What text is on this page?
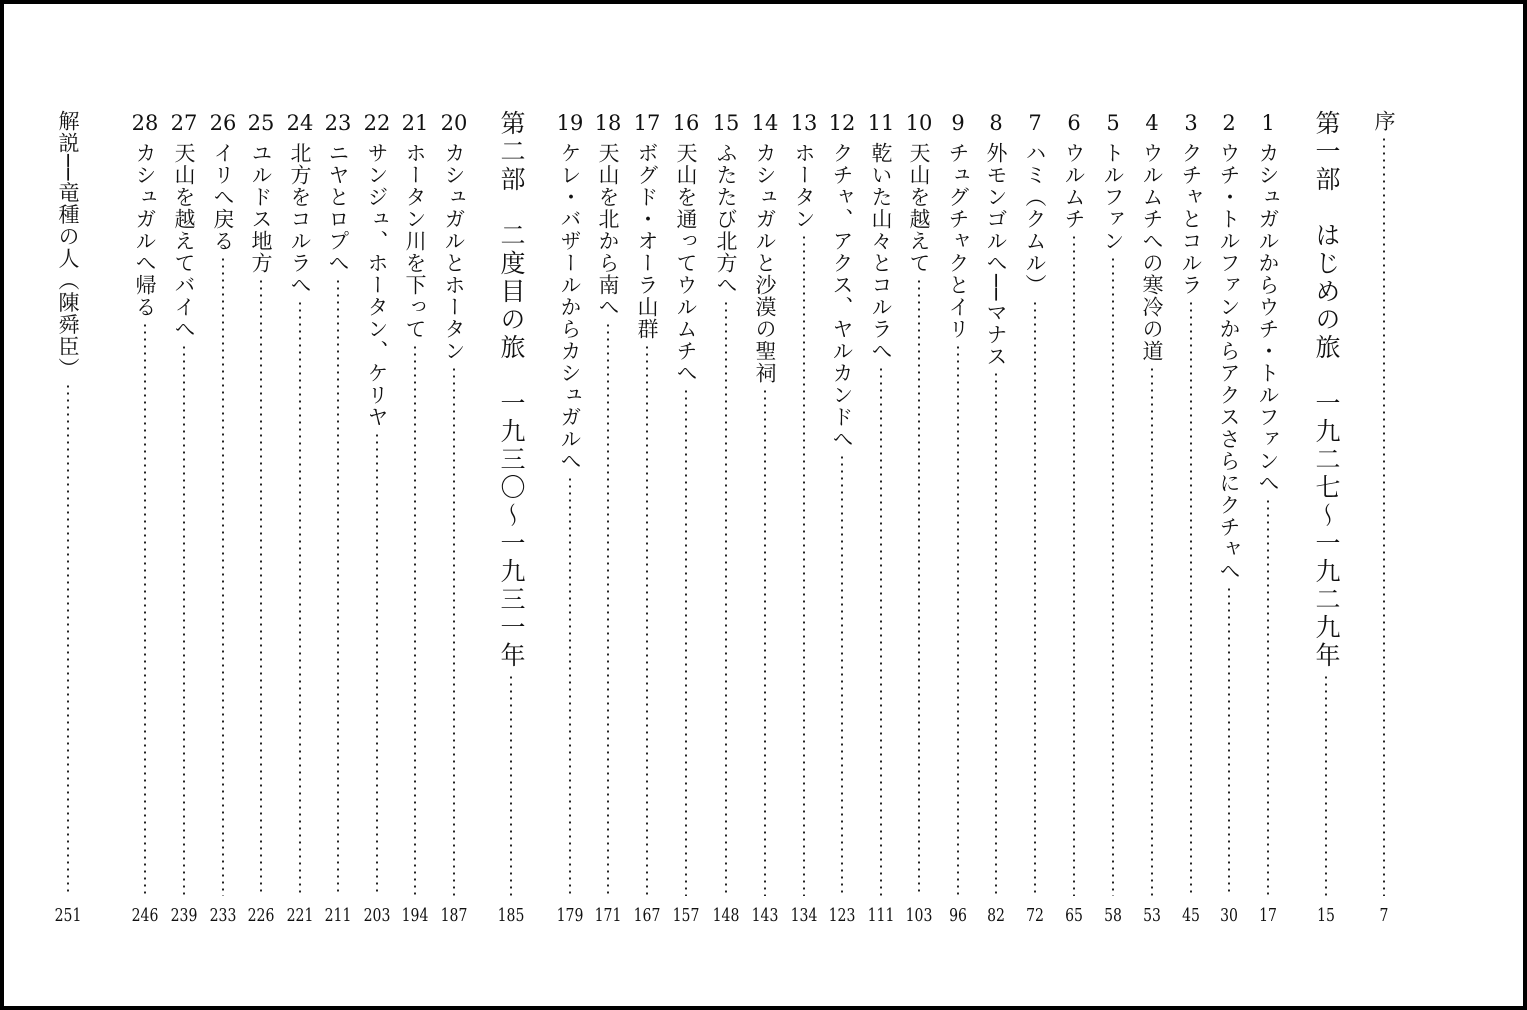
序
7
第一部　はじめの旅　一九二七〜一九二九年
15
1
カシュガルからウチ・トルファンへ
17
2
ウチ・トルファンからアクスさらにクチャへ
30
3
クチャとコルラ
45
4
ウルムチへの寒冷の道
53
5
トルファン
58
6
ウルムチ
65
7
ハミ（クムル）
72
8
外モンゴルへ──マナス
82
9
チュグチャクとイリ
96
10
天山を越えて
103
11
乾いた山々とコルラへ
111
12
クチャ、アクス、ヤルカンドへ
123
13
ホータン
134
14
カシュガルと沙漠の聖祠
143
15
ふたたび北方へ
148
16
天山を通ってウルムチへ
157
17
ボグド・オーラ山群
167
18
天山を北から南へ
171
19
ケレ・バザールからカシュガルへ
179
第二部　二度目の旅　一九三〇〜一九三一年
185
20
カシュガルとホータン
187
21
ホータン川を下って
194
22
サンジュ、ホータン、ケリヤ
203
23
ニヤとロプへ
211
24
北方をコルラへ
221
25
ユルドス地方
226
26
イリへ戻る
233
27
天山を越えてバイへ
239
28
カシュガルへ帰る
246
解説──竜種の人（陳舜臣）
251
